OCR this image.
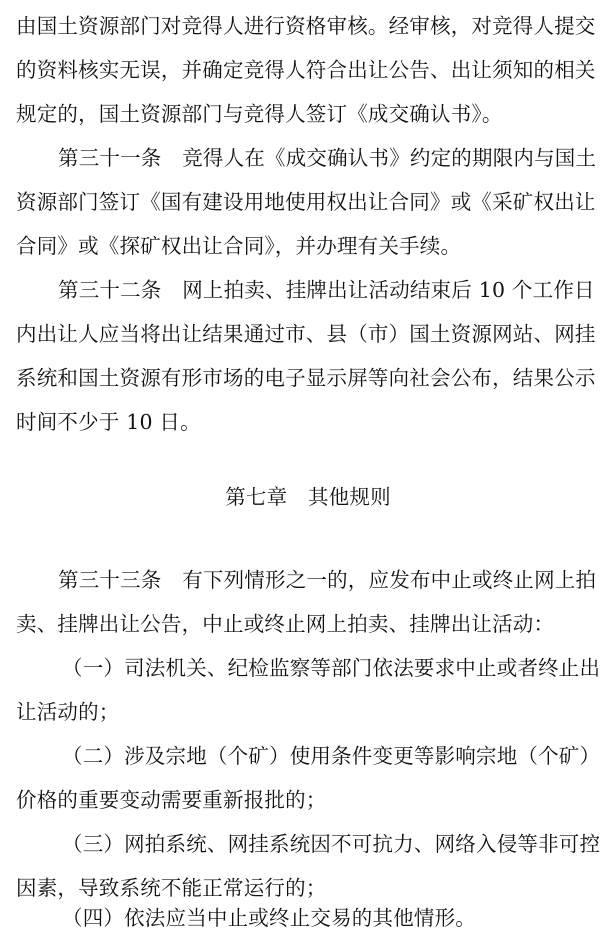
由国土资源部门对竞得人进行资格审核。经审核，对竞得人提交
的资料核实无误，并确定竞得人符合出让公告、出让须知的相关
规定的，国土资源部门与竞得人签订《成交确认书》。
第三十一条　竞得人在《成交确认书》约定的期限内与国土
资源部门签订《国有建设用地使用权出让合同》或《采矿权出让
合同》或《探矿权出让合同》，并办理有关手续。
第三十二条　网上拍卖、挂牌出让活动结束后 10 个工作日
内出让人应当将出让结果通过市、县（市）国土资源网站、网挂
系统和国土资源有形市场的电子显示屏等向社会公布，结果公示
时间不少于 10 日。
第七章　其他规则
第三十三条　有下列情形之一的，应发布中止或终止网上拍
卖、挂牌出让公告，中止或终止网上拍卖、挂牌出让活动：
（一）司法机关、纪检监察等部门依法要求中止或者终止出
让活动的；
（二）涉及宗地（个矿）使用条件变更等影响宗地（个矿）
价格的重要变动需要重新报批的；
（三）网拍系统、网挂系统因不可抗力、网络入侵等非可控
因素，导致系统不能正常运行的；
（四）依法应当中止或终止交易的其他情形。
